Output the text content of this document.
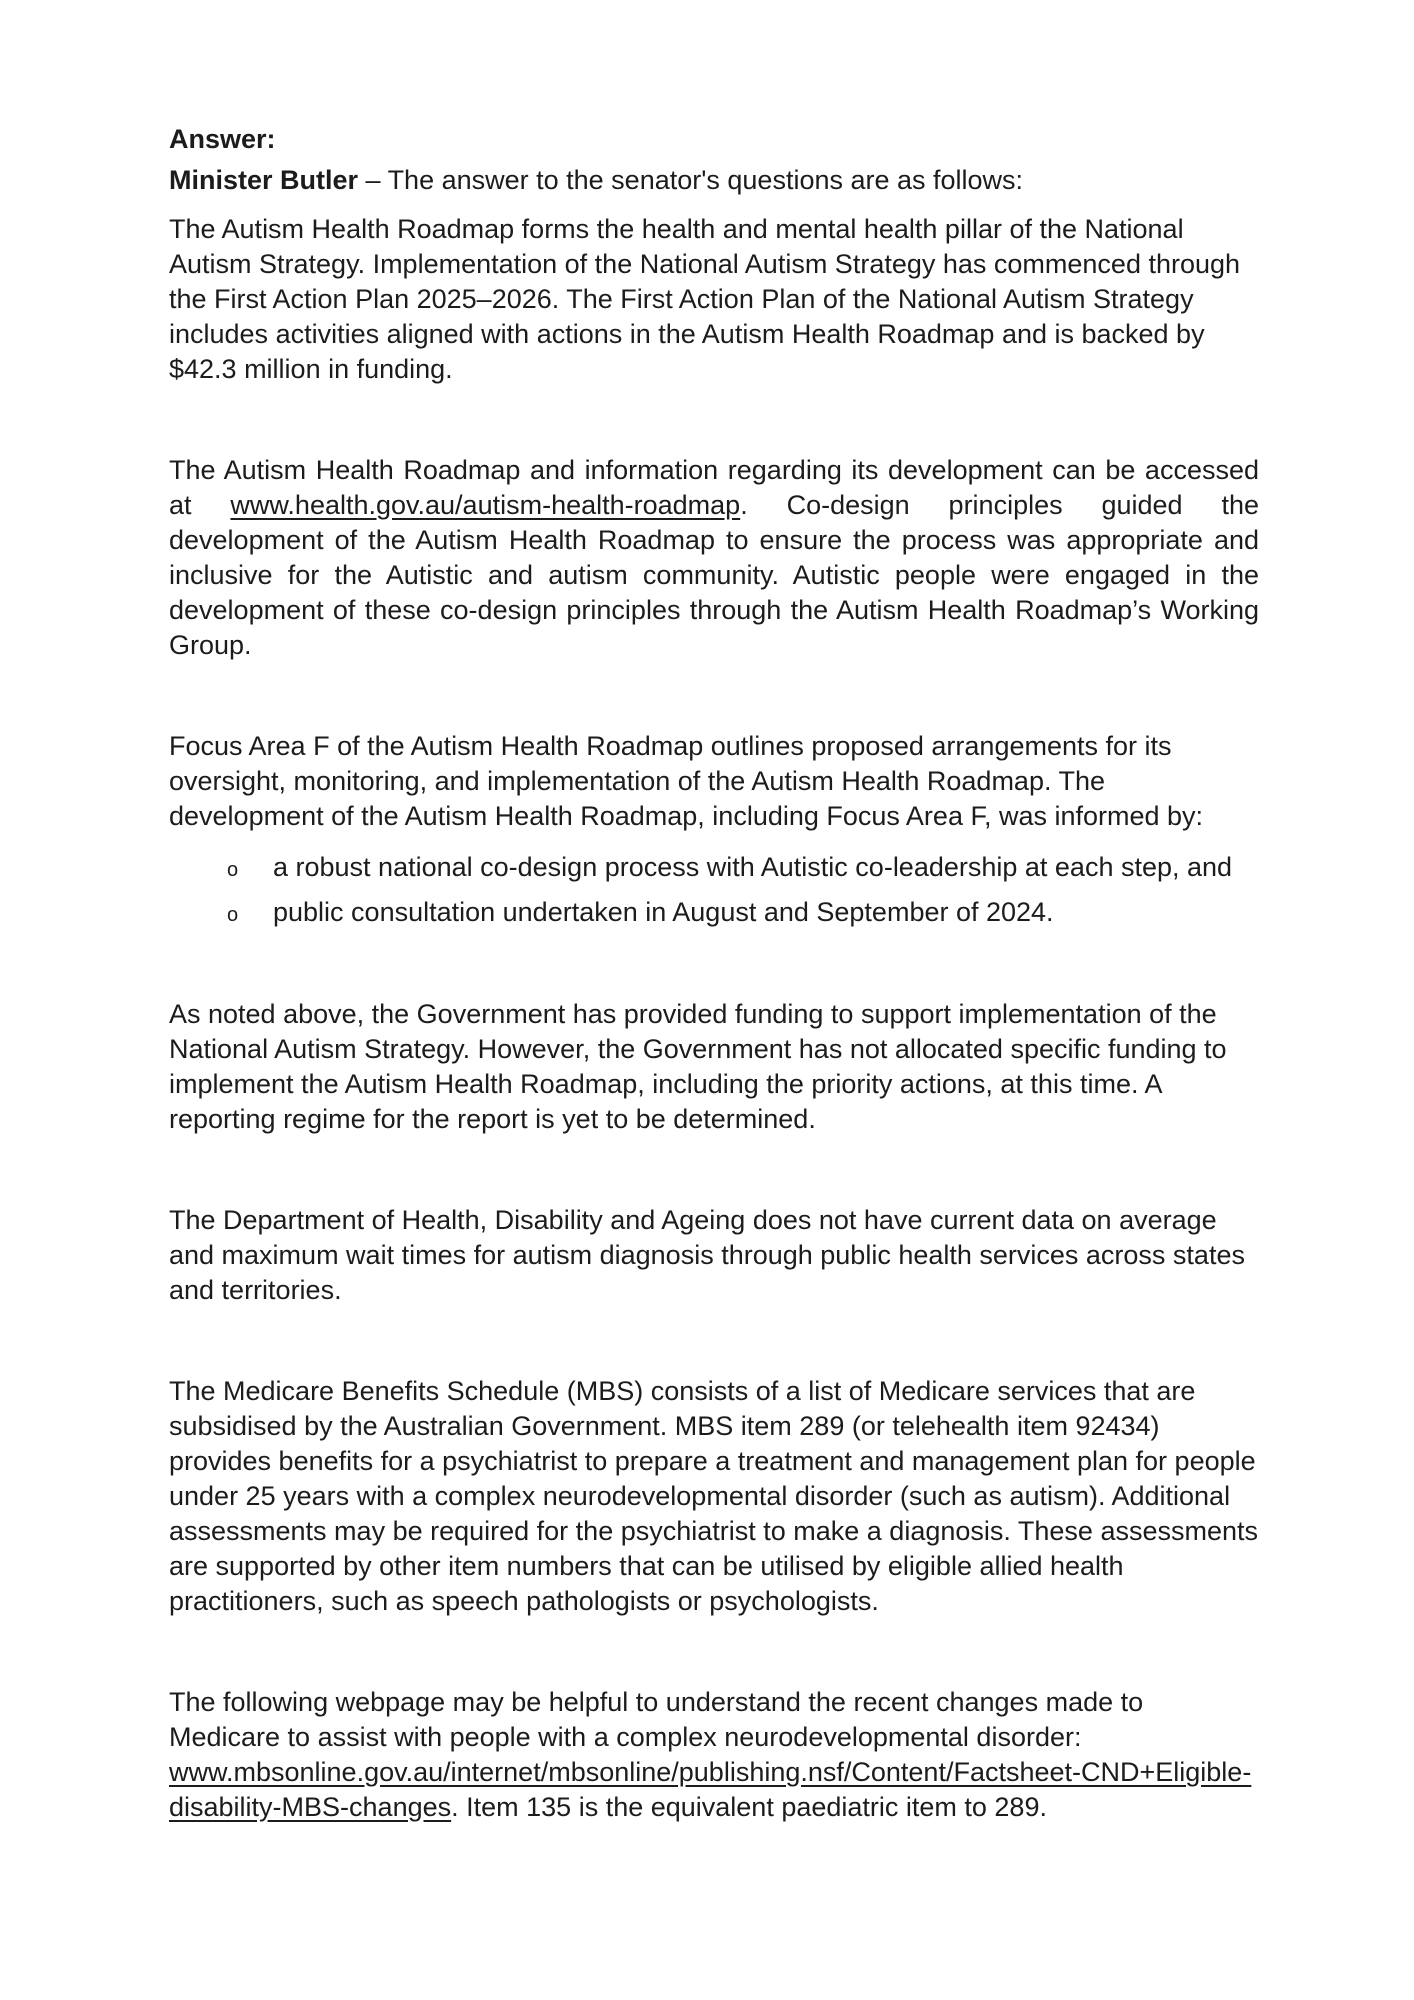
Answer:

Minister Butler – The answer to the senator's questions are as follows:

The Autism Health Roadmap forms the health and mental health pillar of the National Autism Strategy. Implementation of the National Autism Strategy has commenced through the First Action Plan 2025–2026. The First Action Plan of the National Autism Strategy includes activities aligned with actions in the Autism Health Roadmap and is backed by $42.3 million in funding.

The Autism Health Roadmap and information regarding its development can be accessed at www.health.gov.au/autism-health-roadmap. Co-design principles guided the development of the Autism Health Roadmap to ensure the process was appropriate and inclusive for the Autistic and autism community. Autistic people were engaged in the development of these co-design principles through the Autism Health Roadmap’s Working Group.

Focus Area F of the Autism Health Roadmap outlines proposed arrangements for its oversight, monitoring, and implementation of the Autism Health Roadmap. The development of the Autism Health Roadmap, including Focus Area F, was informed by:

o a robust national co-design process with Autistic co-leadership at each step, and
o public consultation undertaken in August and September of 2024.

As noted above, the Government has provided funding to support implementation of the National Autism Strategy. However, the Government has not allocated specific funding to implement the Autism Health Roadmap, including the priority actions, at this time. A reporting regime for the report is yet to be determined.

The Department of Health, Disability and Ageing does not have current data on average and maximum wait times for autism diagnosis through public health services across states and territories.

The Medicare Benefits Schedule (MBS) consists of a list of Medicare services that are subsidised by the Australian Government. MBS item 289 (or telehealth item 92434) provides benefits for a psychiatrist to prepare a treatment and management plan for people under 25 years with a complex neurodevelopmental disorder (such as autism). Additional assessments may be required for the psychiatrist to make a diagnosis. These assessments are supported by other item numbers that can be utilised by eligible allied health practitioners, such as speech pathologists or psychologists.

The following webpage may be helpful to understand the recent changes made to Medicare to assist with people with a complex neurodevelopmental disorder: www.mbsonline.gov.au/internet/mbsonline/publishing.nsf/Content/Factsheet-CND+Eligible-disability-MBS-changes. Item 135 is the equivalent paediatric item to 289.
